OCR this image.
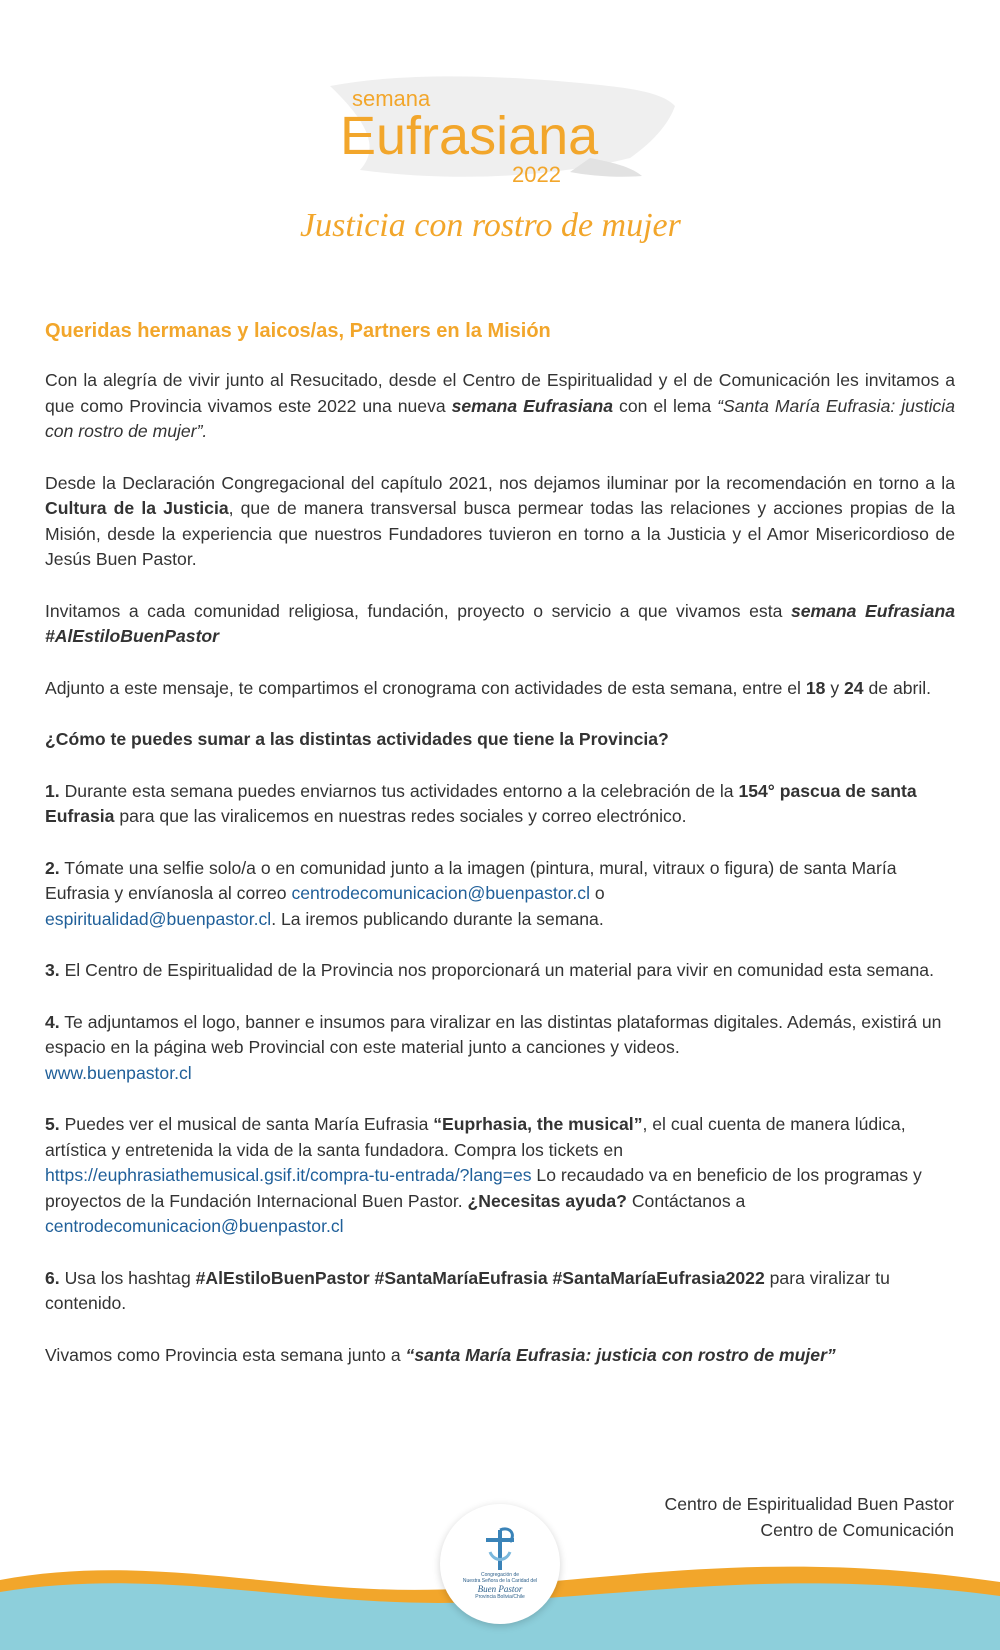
semana
Eufrasiana
2022
Justicia con rostro de mujer
Queridas hermanas y laicos/as, Partners en la Misión

Con la alegría de vivir junto al Resucitado, desde el Centro de Espiritualidad y el de Comunicación les invitamos a que como Provincia vivamos este 2022 una nueva semana Eufrasiana con el lema “Santa María Eufrasia: justicia con rostro de mujer”.

Desde la Declaración Congregacional del capítulo 2021, nos dejamos iluminar por la recomendación en torno a la Cultura de la Justicia, que de manera transversal busca permear todas las relaciones y acciones propias de la Misión, desde la experiencia que nuestros Fundadores tuvieron en torno a la Justicia y el Amor Misericordioso de Jesús Buen Pastor.

Invitamos a cada comunidad religiosa, fundación, proyecto o servicio a que vivamos esta semana Eufrasiana #AlEstiloBuenPastor

Adjunto a este mensaje, te compartimos el cronograma con actividades de esta semana, entre el 18 y 24 de abril.

¿Cómo te puedes sumar a las distintas actividades que tiene la Provincia?

1. Durante esta semana puedes enviarnos tus actividades entorno a la celebración de la 154° pascua de santa Eufrasia para que las viralicemos en nuestras redes sociales y correo electrónico.

2. Tómate una selfie solo/a o en comunidad junto a la imagen (pintura, mural, vitraux o figura) de santa María Eufrasia y envíanosla al correo centrodecomunicacion@buenpastor.cl o
espiritualidad@buenpastor.cl. La iremos publicando durante la semana.

3. El Centro de Espiritualidad de la Provincia nos proporcionará un material para vivir en comunidad esta semana.

4. Te adjuntamos el logo, banner e insumos para viralizar en las distintas plataformas digitales. Además, existirá un espacio en la página web Provincial con este material junto a canciones y videos.
www.buenpastor.cl

5. Puedes ver el musical de santa María Eufrasia “Euprhasia, the musical”, el cual cuenta de manera lúdica, artística y entretenida la vida de la santa fundadora. Compra los tickets en https://euphrasiathemusical.gsif.it/compra-tu-entrada/?lang=es Lo recaudado va en beneficio de los programas y proyectos de la Fundación Internacional Buen Pastor. ¿Necesitas ayuda? Contáctanos a
centrodecomunicacion@buenpastor.cl

6. Usa los hashtag #AlEstiloBuenPastor #SantaMaríaEufrasia #SantaMaríaEufrasia2022 para viralizar tu contenido.

Vivamos como Provincia esta semana junto a “santa María Eufrasia: justicia con rostro de mujer”

Centro de Espiritualidad Buen Pastor
Centro de Comunicación
Congregación de
Nuestra Señora de la Caridad del
Buen Pastor
Provincia Bolivia/Chile
